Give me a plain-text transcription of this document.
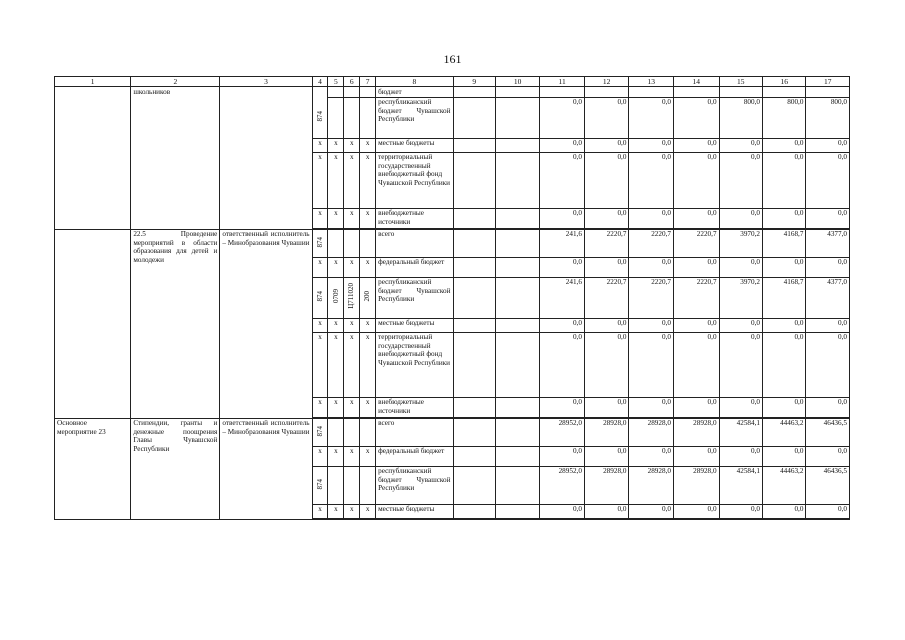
161
1	2	3	4	5	6	7	8	9	10	11	12	13	14	15	16	17
	школьников						бюджет									
			874				республиканский бюджет Чувашской Республики			0,0	0,0	0,0	0,0	800,0	800,0	800,0
			x	x	x	x	местные бюджеты			0,0	0,0	0,0	0,0	0,0	0,0	0,0
			x	x	x	x	территориальный государственный внебюджетный фонд Чувашской Республики			0,0	0,0	0,0	0,0	0,0	0,0	0,0
			x	x	x	x	внебюджетные источники			0,0	0,0	0,0	0,0	0,0	0,0	0,0

	22.5 Проведение мероприятий в области образования для детей и молодежи	ответственный исполнитель – Минобразования Чувашии	874				всего			241,6	2220,7	2220,7	2220,7	3970,2	4168,7	4377,0
			x	x	x	x	федеральный бюджет			0,0	0,0	0,0	0,0	0,0	0,0	0,0
			874	0709	Ц711020	200	республиканский бюджет Чувашской Республики			241,6	2220,7	2220,7	2220,7	3970,2	4168,7	4377,0
			x	x	x	x	местные бюджеты			0,0	0,0	0,0	0,0	0,0	0,0	0,0
			x	x	x	x	территориальный государственный внебюджетный фонд Чувашской Республики			0,0	0,0	0,0	0,0	0,0	0,0	0,0
			x	x	x	x	внебюджетные источники			0,0	0,0	0,0	0,0	0,0	0,0	0,0

Основное мероприятие 23	Стипендии, гранты и денежные поощрения Главы Чувашской Республики	ответственный исполнитель – Минобразования Чувашии	874				всего			28952,0	28928,0	28928,0	28928,0	42584,1	44463,2	46436,5
			x	x	x	x	федеральный бюджет			0,0	0,0	0,0	0,0	0,0	0,0	0,0
			874				республиканский бюджет Чувашской Республики			28952,0	28928,0	28928,0	28928,0	42584,1	44463,2	46436,5
			x	x	x	x	местные бюджеты			0,0	0,0	0,0	0,0	0,0	0,0	0,0
